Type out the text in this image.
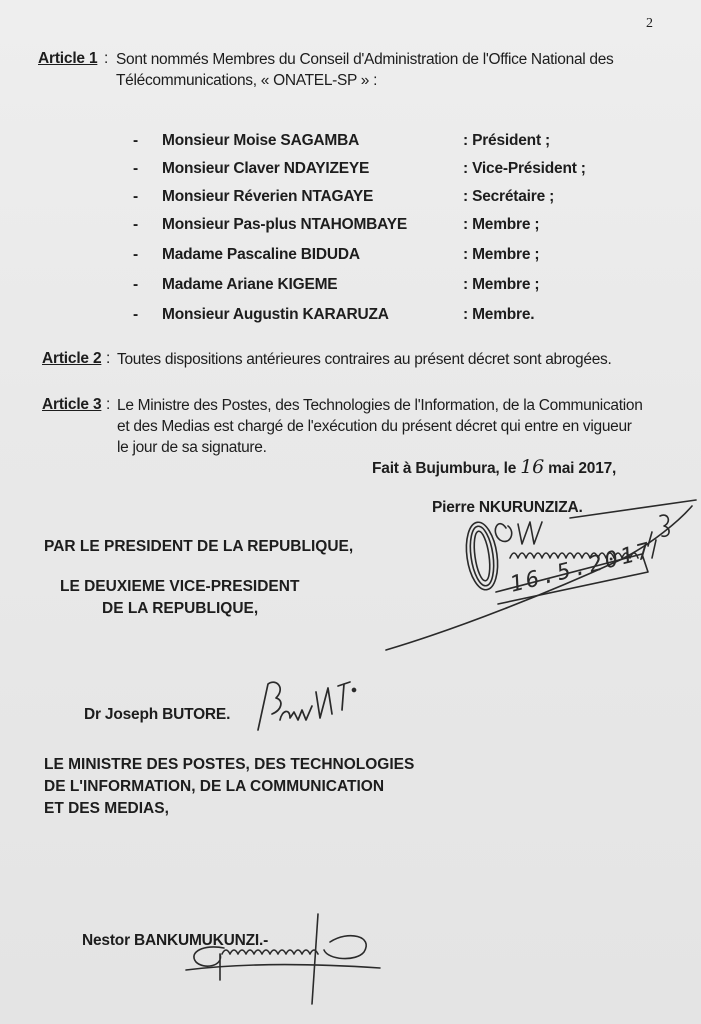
2
Article 1 : Sont nommés Membres du Conseil d'Administration de l'Office National des
Télécommunications, « ONATEL-SP » :
- Monsieur Moise SAGAMBA	: Président ;
- Monsieur Claver NDAYIZEYE	: Vice-Président ;
- Monsieur Réverien NTAGAYE	: Secrétaire ;
- Monsieur Pas-plus NTAHOMBAYE	: Membre ;
- Madame Pascaline BIDUDA	: Membre ;
- Madame Ariane KIGEME	: Membre ;
- Monsieur Augustin KARARUZA	: Membre.
Article 2 : Toutes dispositions antérieures contraires au présent décret sont abrogées.
Article 3 : Le Ministre des Postes, des Technologies de l'Information, de la Communication
et des Medias est chargé de l'exécution du présent décret qui entre en vigueur
le jour de sa signature.
Fait à Bujumbura, le 16 mai 2017,
Pierre NKURUNZIZA.
16.5.2017
PAR LE PRESIDENT DE LA REPUBLIQUE,
LE DEUXIEME VICE-PRESIDENT
DE LA REPUBLIQUE,
Dr Joseph BUTORE.
LE MINISTRE DES POSTES, DES TECHNOLOGIES
DE L'INFORMATION, DE LA COMMUNICATION
ET DES MEDIAS,
Nestor BANKUMUKUNZI.-
